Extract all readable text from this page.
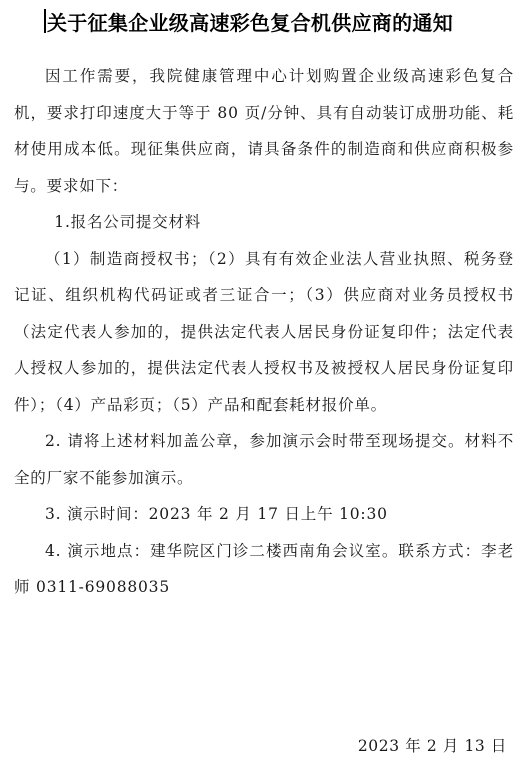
关于征集企业级高速彩色复合机供应商的通知

因工作需要，我院健康管理中心计划购置企业级高速彩色复合机，要求打印速度大于等于 80 页/分钟、具有自动装订成册功能、耗材使用成本低。现征集供应商，请具备条件的制造商和供应商积极参与。要求如下：

1.报名公司提交材料

（1）制造商授权书；（2）具有有效企业法人营业执照、税务登记证、组织机构代码证或者三证合一；（3）供应商对业务员授权书（法定代表人参加的，提供法定代表人居民身份证复印件；法定代表人授权人参加的，提供法定代表人授权书及被授权人居民身份证复印件）；（4）产品彩页；（5）产品和配套耗材报价单。

2. 请将上述材料加盖公章，参加演示会时带至现场提交。材料不全的厂家不能参加演示。

3. 演示时间：2023 年 2 月 17 日上午 10:30

4. 演示地点：建华院区门诊二楼西南角会议室。联系方式：李老师 0311-69088035

2023 年 2 月 13 日
